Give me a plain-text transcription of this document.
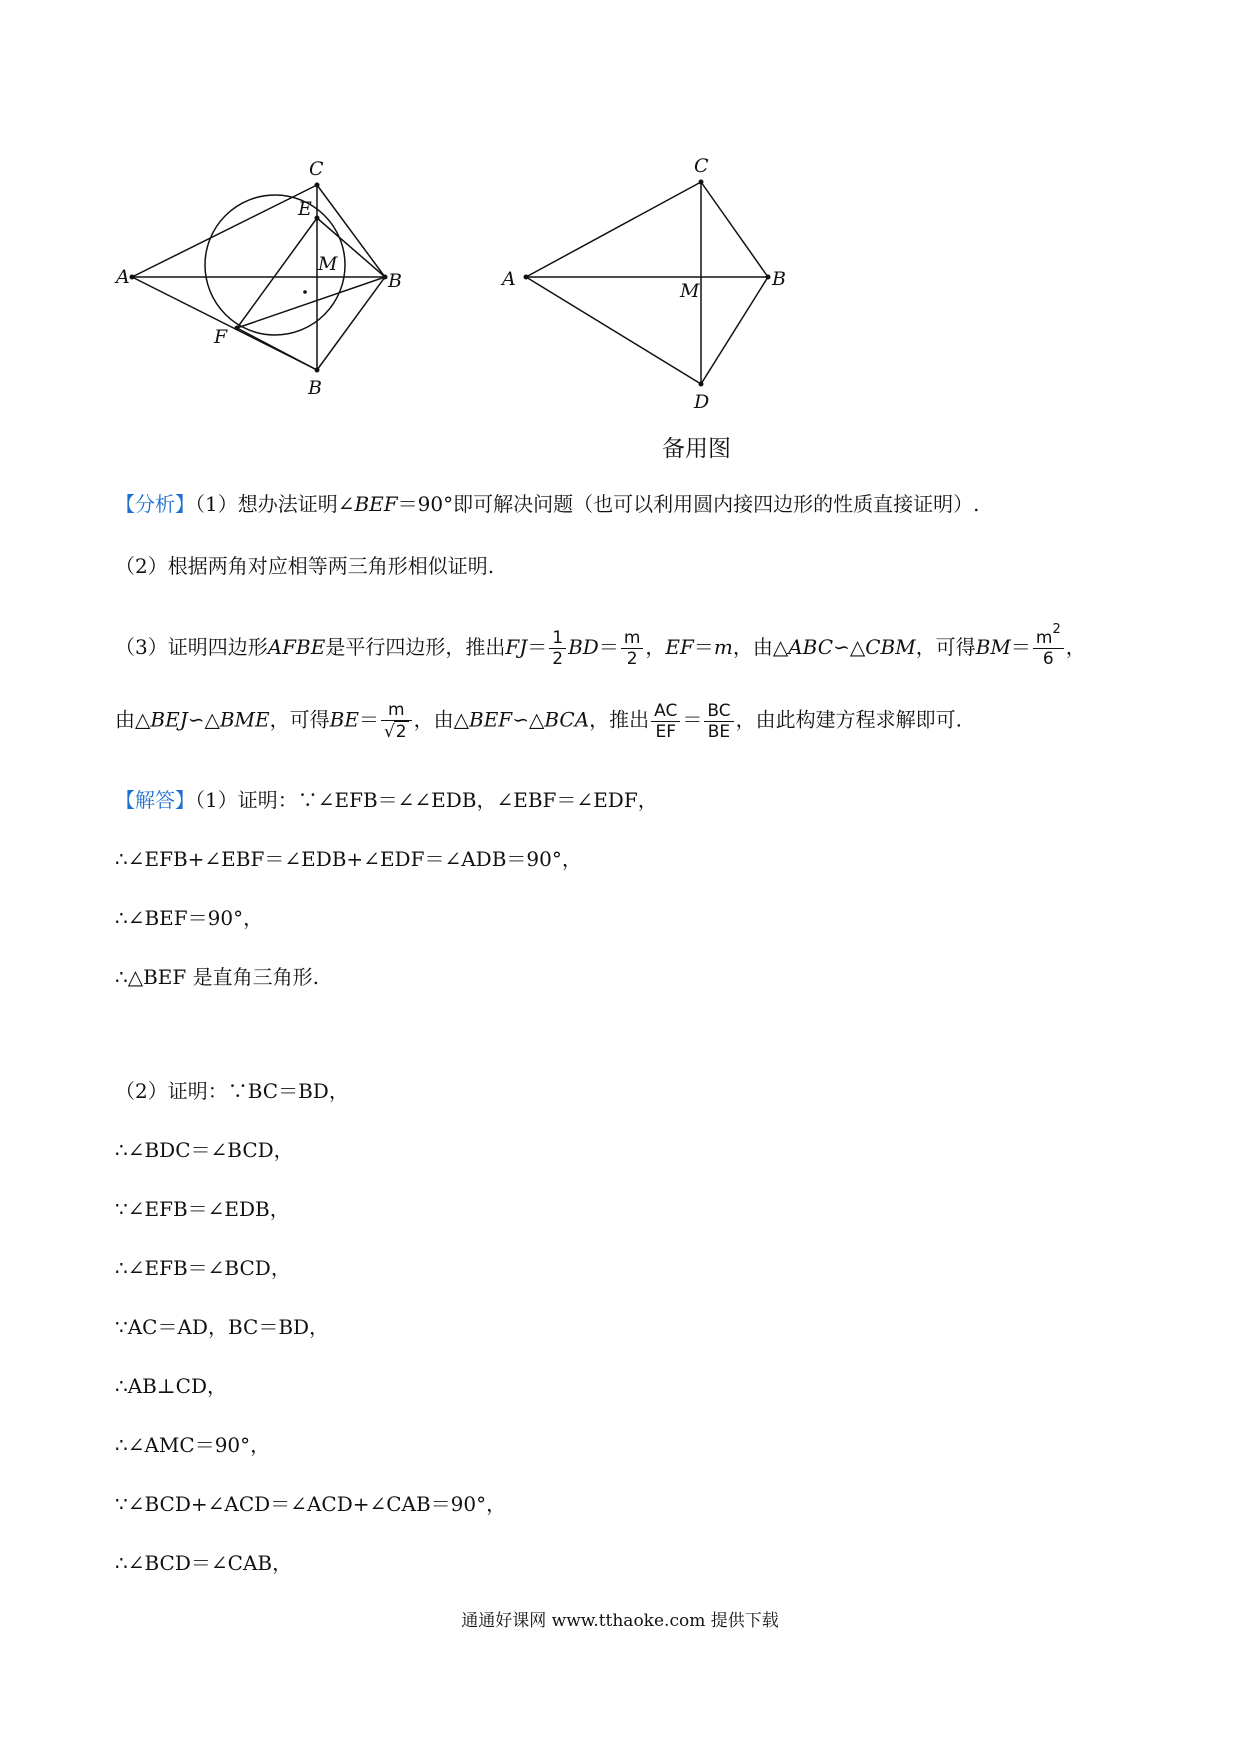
A	B
C
E
M
F
B
A	B
C
D
M
备用图
【分析】（1）想办法证明∠BEF＝90°即可解决问题（也可以利用圆内接四边形的性质直接证明）.
（2）根据两角对应相等两三角形相似证明.
（3）证明四边形AFBE是平行四边形，推出$FJ= \frac{1}{2} BD= \frac{m}{2}$ ，EF＝m，由△ABC∽△CBM，可得$BM= \frac{m^2}{6}$ ，
由△BEJ∽△BME，可得$BE= \frac{m}{√2}$ ，由△BEF∽△BCA，推出 $\frac{AC}{EF} = \frac{BC}{BE}$ ，由此构建方程求解即可.
【解答】（1）证明：∵∠EFB＝∠∠EDB，∠EBF＝∠EDF，
∴∠EFB+∠EBF＝∠EDB+∠EDF＝∠ADB＝90°，
∴∠BEF＝90°，
∴△BEF 是直角三角形.
（2）证明：∵BC＝BD，
∴∠BDC＝∠BCD，
∵∠EFB＝∠EDB，
∴∠EFB＝∠BCD，
∵AC＝AD，BC＝BD，
∴AB⊥CD，
∴∠AMC＝90°，
∵∠BCD+∠ACD＝∠ACD+∠CAB＝90°，
∴∠BCD＝∠CAB，
通通好课网 www.tthaoke.com 提供下载
